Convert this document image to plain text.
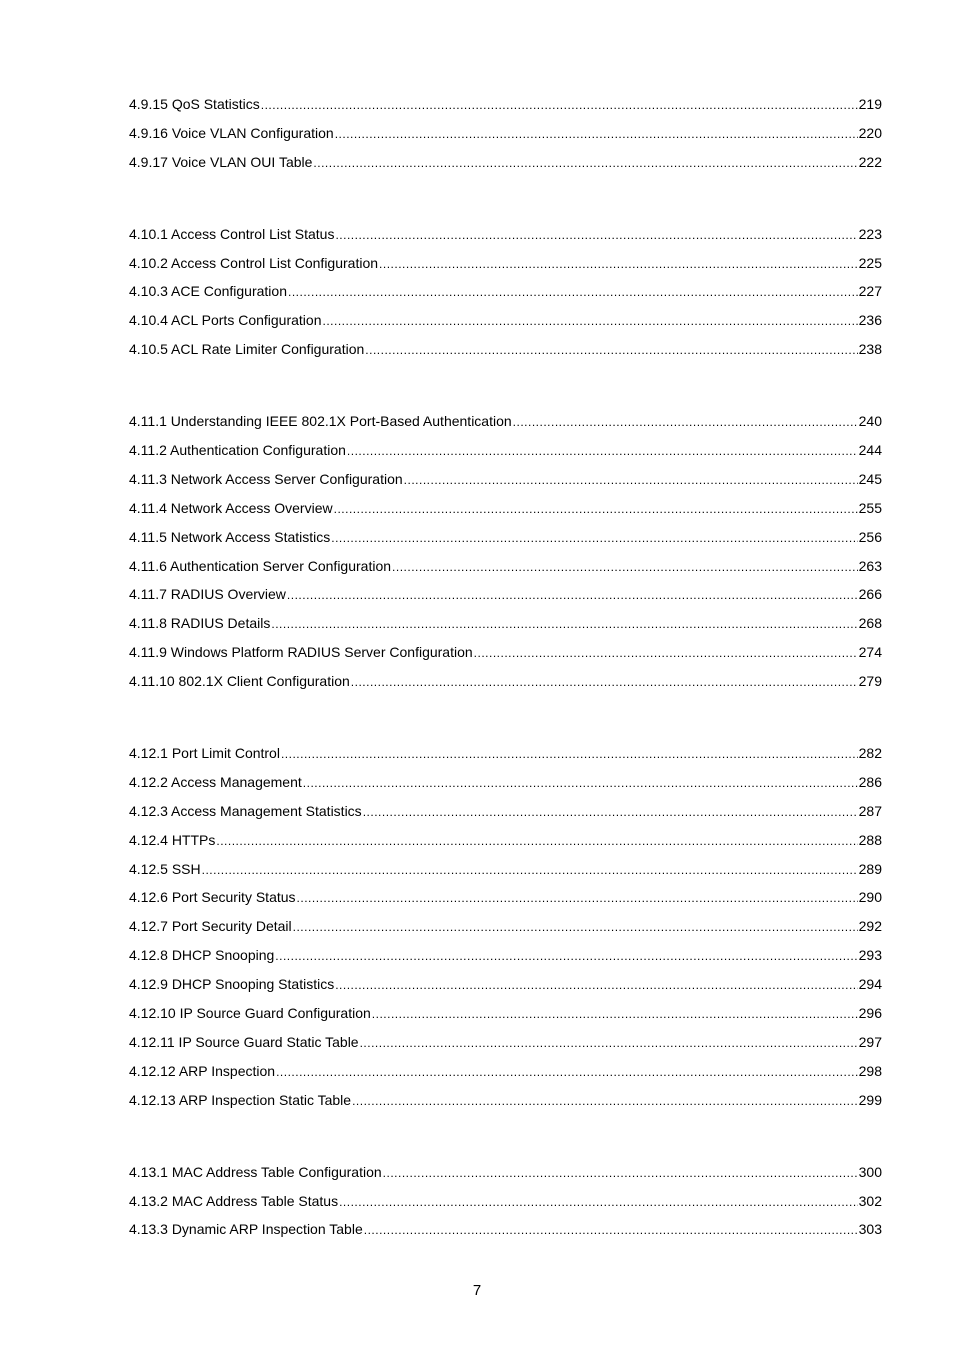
4.9.15 QoS Statistics .....	219
4.9.16 Voice VLAN Configuration .....	220
4.9.17 Voice VLAN OUI Table .....	222
4.10.1 Access Control List Status .....	223
4.10.2 Access Control List Configuration .....	225
4.10.3 ACE Configuration .....	227
4.10.4 ACL Ports Configuration .....	236
4.10.5 ACL Rate Limiter Configuration .....	238
4.11.1 Understanding IEEE 802.1X Port-Based Authentication .....	240
4.11.2 Authentication Configuration .....	244
4.11.3 Network Access Server Configuration .....	245
4.11.4 Network Access Overview .....	255
4.11.5 Network Access Statistics .....	256
4.11.6 Authentication Server Configuration .....	263
4.11.7 RADIUS Overview .....	266
4.11.8 RADIUS Details .....	268
4.11.9 Windows Platform RADIUS Server Configuration .....	274
4.11.10 802.1X Client Configuration .....	279
4.12.1 Port Limit Control .....	282
4.12.2 Access Management .....	286
4.12.3 Access Management Statistics .....	287
4.12.4 HTTPs .....	288
4.12.5 SSH .....	289
4.12.6 Port Security Status .....	290
4.12.7 Port Security Detail .....	292
4.12.8 DHCP Snooping .....	293
4.12.9 DHCP Snooping Statistics .....	294
4.12.10 IP Source Guard Configuration .....	296
4.12.11 IP Source Guard Static Table .....	297
4.12.12 ARP Inspection .....	298
4.12.13 ARP Inspection Static Table .....	299
4.13.1 MAC Address Table Configuration .....	300
4.13.2 MAC Address Table Status .....	302
4.13.3 Dynamic ARP Inspection Table .....	303
7
